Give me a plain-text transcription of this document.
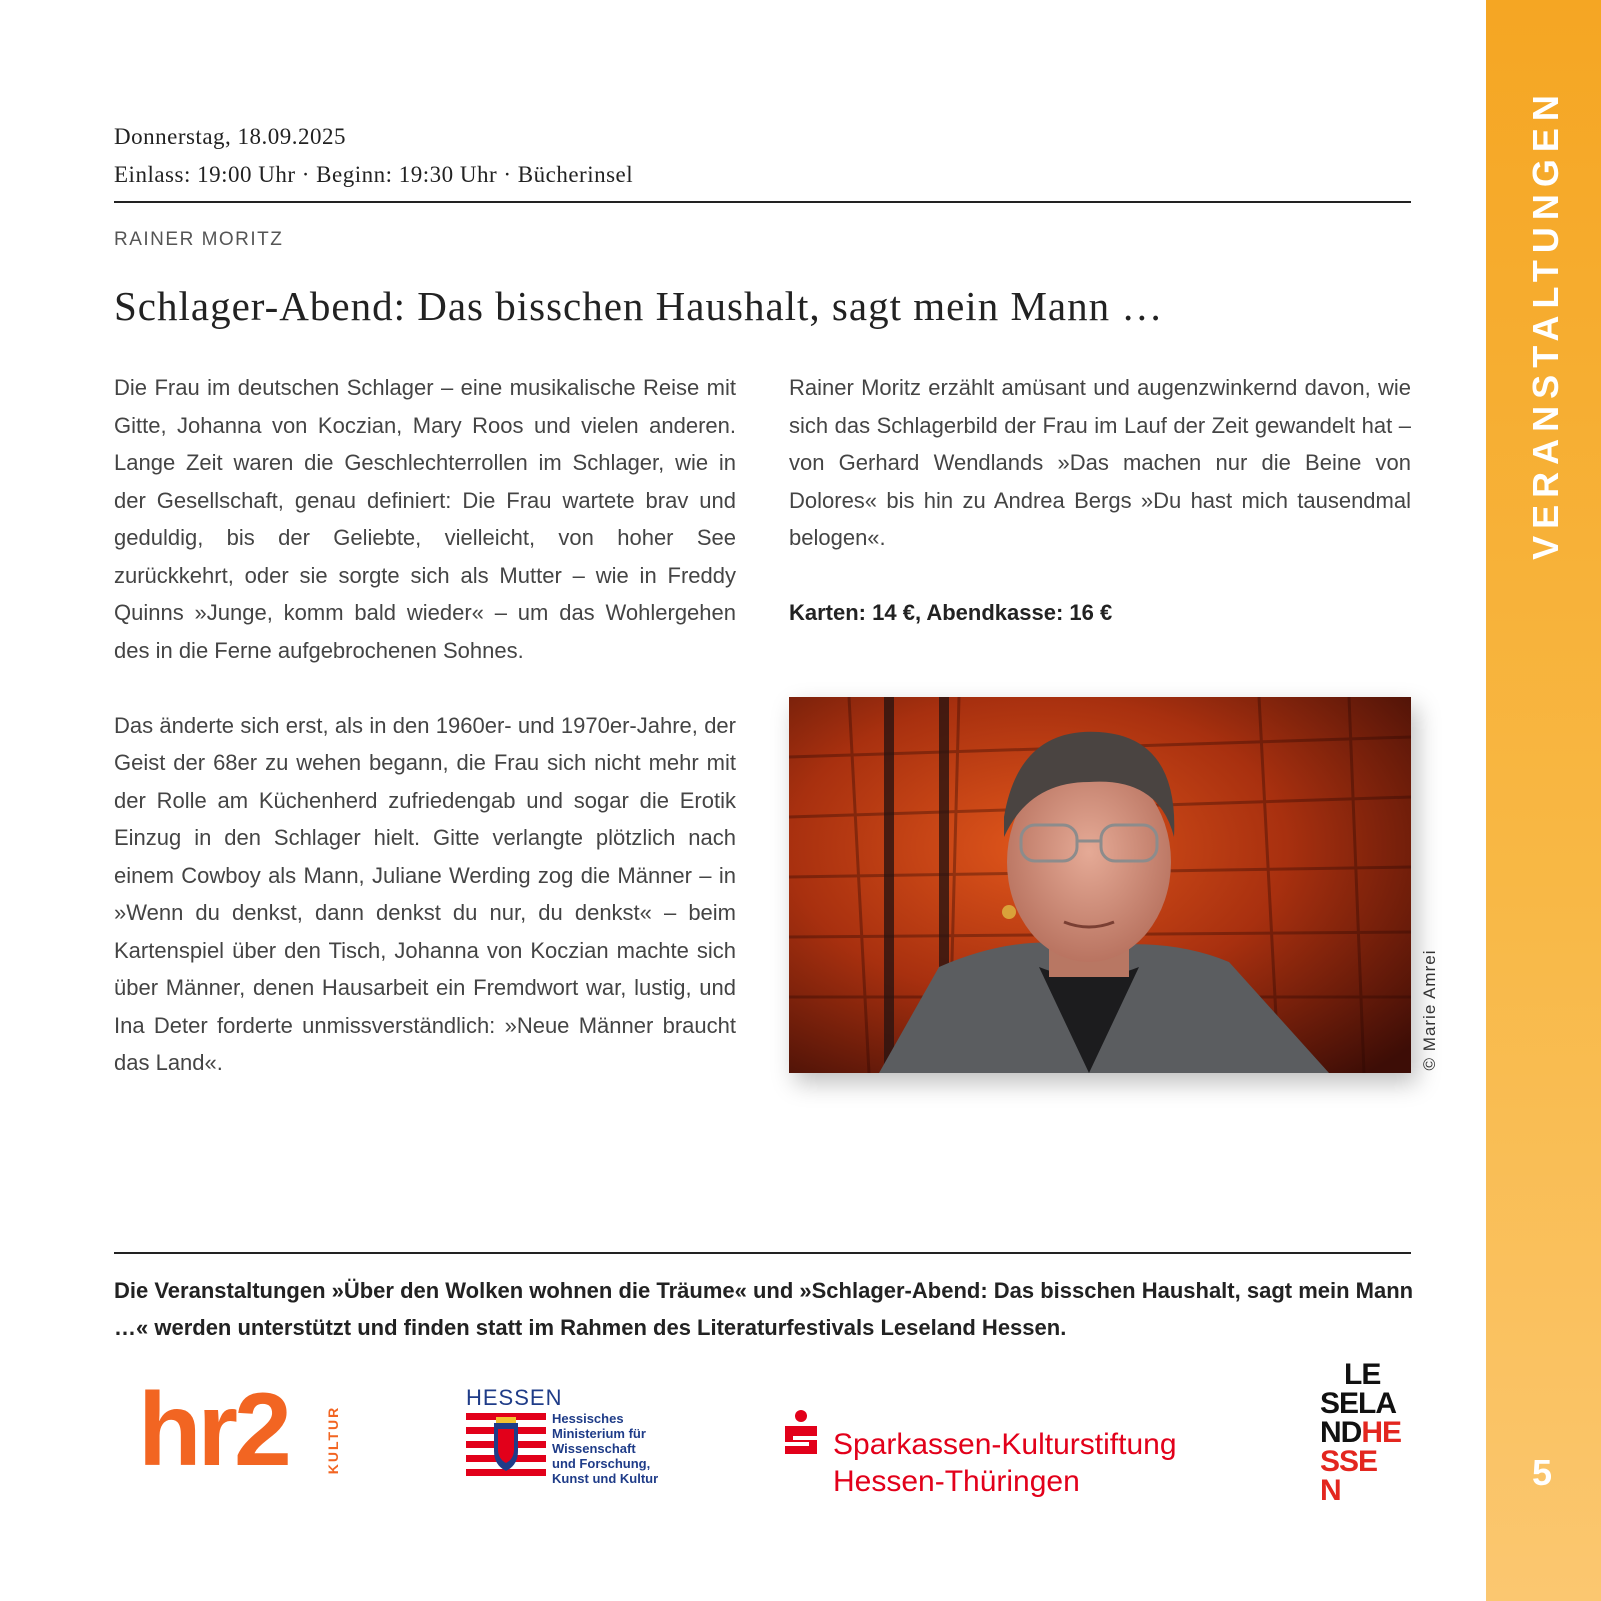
VERANSTALTUNGEN
5
Donnerstag, 18.09.2025
Einlass: 19:00 Uhr · Beginn: 19:30 Uhr · Bücherinsel
RAINER MORITZ
Schlager-Abend: Das bisschen Haushalt, sagt mein Mann …

Die Frau im deutschen Schlager – eine musikalische Reise mit Gitte, Johanna von Koczian, Mary Roos und vielen anderen. Lange Zeit waren die Geschlechterrollen im Schlager, wie in der Gesellschaft, genau definiert: Die Frau wartete brav und geduldig, bis der Geliebte, vielleicht, von hoher See zurückkehrt, oder sie sorgte sich als Mutter – wie in Freddy Quinns »Junge, komm bald wieder« – um das Wohlergehen des in die Ferne aufgebrochenen Sohnes.

Das änderte sich erst, als in den 1960er- und 1970er-Jahre, der Geist der 68er zu wehen begann, die Frau sich nicht mehr mit der Rolle am Küchenherd zufriedengab und sogar die Erotik Einzug in den Schlager hielt. Gitte verlangte plötzlich nach einem Cowboy als Mann, Juliane Werding zog die Männer – in »Wenn du denkst, dann denkst du nur, du denkst« – beim Kartenspiel über den Tisch, Johanna von Koczian machte sich über Männer, denen Hausarbeit ein Fremdwort war, lustig, und Ina Deter forderte unmissverständlich: »Neue Männer braucht das Land«.

Rainer Moritz erzählt amüsant und augenzwinkernd davon, wie sich das Schlagerbild der Frau im Lauf der Zeit gewandelt hat – von Gerhard Wendlands »Das machen nur die Beine von Dolores« bis hin zu Andrea Bergs »Du hast mich tausendmal belogen«.

Karten: 14 €, Abendkasse: 16 €

© Marie Amrei
Die Veranstaltungen »Über den Wolken wohnen die Träume« und »Schlager-Abend: Das bisschen Haushalt, sagt mein Mann …« werden unterstützt und finden statt im Rahmen des Literaturfestivals Leseland Hessen.
hr2	KULTUR
HESSEN
Hessisches
Ministerium für
Wissenschaft
und Forschung,
Kunst und Kultur
Sparkassen-Kulturstiftung
Hessen-Thüringen
LE
SELA
NDHE
SSE
N
